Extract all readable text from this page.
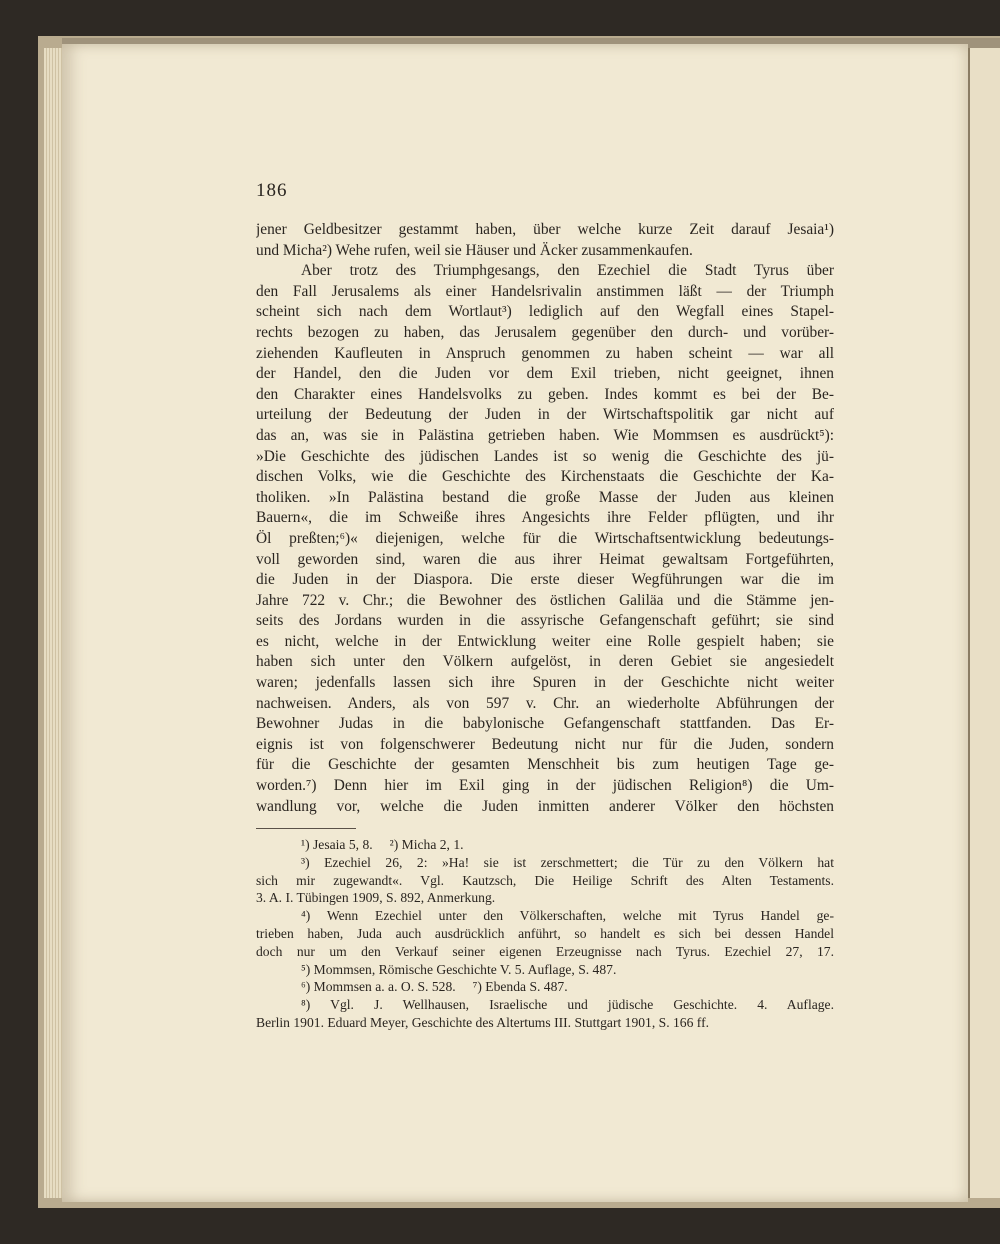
186
jener Geldbesitzer gestammt haben, über welche kurze Zeit darauf Jesaia¹)
und Micha²) Wehe rufen, weil sie Häuser und Äcker zusammenkaufen.
Aber trotz des Triumphgesangs, den Ezechiel die Stadt Tyrus über
den Fall Jerusalems als einer Handelsrivalin anstimmen läßt — der Triumph
scheint sich nach dem Wortlaut³) lediglich auf den Wegfall eines Stapel-
rechts bezogen zu haben, das Jerusalem gegenüber den durch- und vorüber-
ziehenden Kaufleuten in Anspruch genommen zu haben scheint — war all
der Handel, den die Juden vor dem Exil trieben, nicht geeignet, ihnen
den Charakter eines Handelsvolks zu geben. Indes kommt es bei der Be-
urteilung der Bedeutung der Juden in der Wirtschaftspolitik gar nicht auf
das an, was sie in Palästina getrieben haben. Wie Mommsen es ausdrückt⁵):
»Die Geschichte des jüdischen Landes ist so wenig die Geschichte des jü-
dischen Volks, wie die Geschichte des Kirchenstaats die Geschichte der Ka-
tholiken. »In Palästina bestand die große Masse der Juden aus kleinen
Bauern«, die im Schweiße ihres Angesichts ihre Felder pflügten, und ihr
Öl preßten;⁶)« diejenigen, welche für die Wirtschaftsentwicklung bedeutungs-
voll geworden sind, waren die aus ihrer Heimat gewaltsam Fortgeführten,
die Juden in der Diaspora. Die erste dieser Wegführungen war die im
Jahre 722 v. Chr.; die Bewohner des östlichen Galiläa und die Stämme jen-
seits des Jordans wurden in die assyrische Gefangenschaft geführt; sie sind
es nicht, welche in der Entwicklung weiter eine Rolle gespielt haben; sie
haben sich unter den Völkern aufgelöst, in deren Gebiet sie angesiedelt
waren; jedenfalls lassen sich ihre Spuren in der Geschichte nicht weiter
nachweisen. Anders, als von 597 v. Chr. an wiederholte Abführungen der
Bewohner Judas in die babylonische Gefangenschaft stattfanden. Das Er-
eignis ist von folgenschwerer Bedeutung nicht nur für die Juden, sondern
für die Geschichte der gesamten Menschheit bis zum heutigen Tage ge-
worden.⁷) Denn hier im Exil ging in der jüdischen Religion⁸) die Um-
wandlung vor, welche die Juden inmitten anderer Völker den höchsten
¹) Jesaia 5, 8.     ²) Micha 2, 1.
³) Ezechiel 26, 2: »Ha! sie ist zerschmettert; die Tür zu den Völkern hat
sich mir zugewandt«. Vgl. Kautzsch, Die Heilige Schrift des Alten Testaments.
3. A. I. Tübingen 1909, S. 892, Anmerkung.
⁴) Wenn Ezechiel unter den Völkerschaften, welche mit Tyrus Handel ge-
trieben haben, Juda auch ausdrücklich anführt, so handelt es sich bei dessen Handel
doch nur um den Verkauf seiner eigenen Erzeugnisse nach Tyrus. Ezechiel 27, 17.
⁵) Mommsen, Römische Geschichte V. 5. Auflage, S. 487.
⁶) Mommsen a. a. O. S. 528.     ⁷) Ebenda S. 487.
⁸) Vgl. J. Wellhausen, Israelische und jüdische Geschichte. 4. Auflage.
Berlin 1901. Eduard Meyer, Geschichte des Altertums III. Stuttgart 1901, S. 166 ff.
